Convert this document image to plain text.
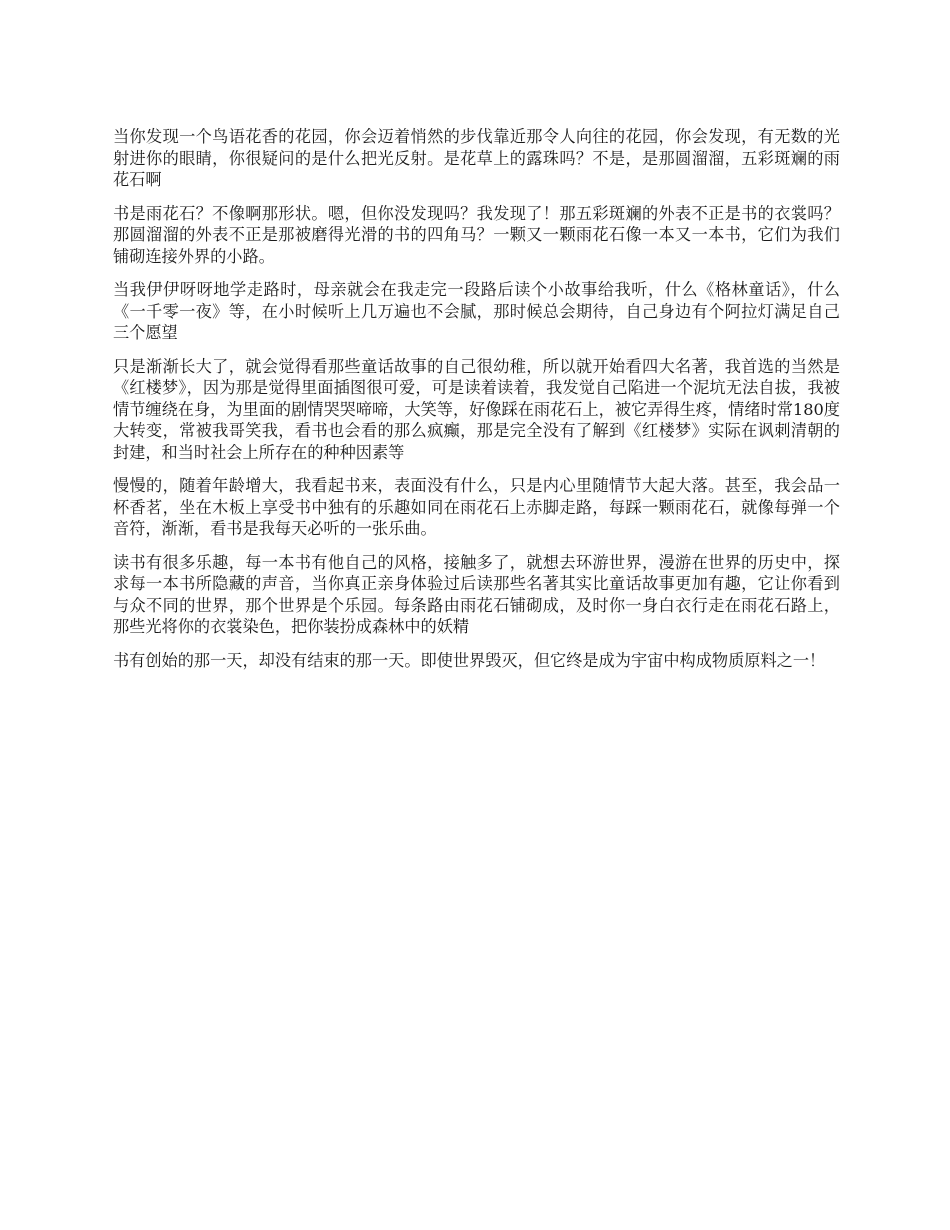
当你发现一个鸟语花香的花园，你会迈着悄然的步伐靠近那令人向往的花园，你会发现，有无数的光射进你的眼睛，你很疑问的是什么把光反射。是花草上的露珠吗？不是，是那圆溜溜，五彩斑斓的雨花石啊

书是雨花石？不像啊那形状。嗯，但你没发现吗？我发现了！那五彩斑斓的外表不正是书的衣裳吗？那圆溜溜的外表不正是那被磨得光滑的书的四角马？一颗又一颗雨花石像一本又一本书，它们为我们铺砌连接外界的小路。

当我伊伊呀呀地学走路时，母亲就会在我走完一段路后读个小故事给我听，什么《格林童话》，什么《一千零一夜》等，在小时候听上几万遍也不会腻，那时候总会期待，自己身边有个阿拉灯满足自己三个愿望

只是渐渐长大了，就会觉得看那些童话故事的自己很幼稚，所以就开始看四大名著，我首选的当然是《红楼梦》，因为那是觉得里面插图很可爱，可是读着读着，我发觉自己陷进一个泥坑无法自拔，我被情节缠绕在身，为里面的剧情哭哭啼啼，大笑等，好像踩在雨花石上，被它弄得生疼，情绪时常180度大转变，常被我哥笑我，看书也会看的那么疯癫，那是完全没有了解到《红楼梦》实际在讽刺清朝的封建，和当时社会上所存在的种种因素等

慢慢的，随着年龄增大，我看起书来，表面没有什么，只是内心里随情节大起大落。甚至，我会品一杯香茗，坐在木板上享受书中独有的乐趣如同在雨花石上赤脚走路，每踩一颗雨花石，就像每弹一个音符，渐渐，看书是我每天必听的一张乐曲。

读书有很多乐趣，每一本书有他自己的风格，接触多了，就想去环游世界，漫游在世界的历史中，探求每一本书所隐藏的声音，当你真正亲身体验过后读那些名著其实比童话故事更加有趣，它让你看到与众不同的世界，那个世界是个乐园。每条路由雨花石铺砌成，及时你一身白衣行走在雨花石路上，那些光将你的衣裳染色，把你装扮成森林中的妖精

书有创始的那一天，却没有结束的那一天。即使世界毁灭，但它终是成为宇宙中构成物质原料之一！
